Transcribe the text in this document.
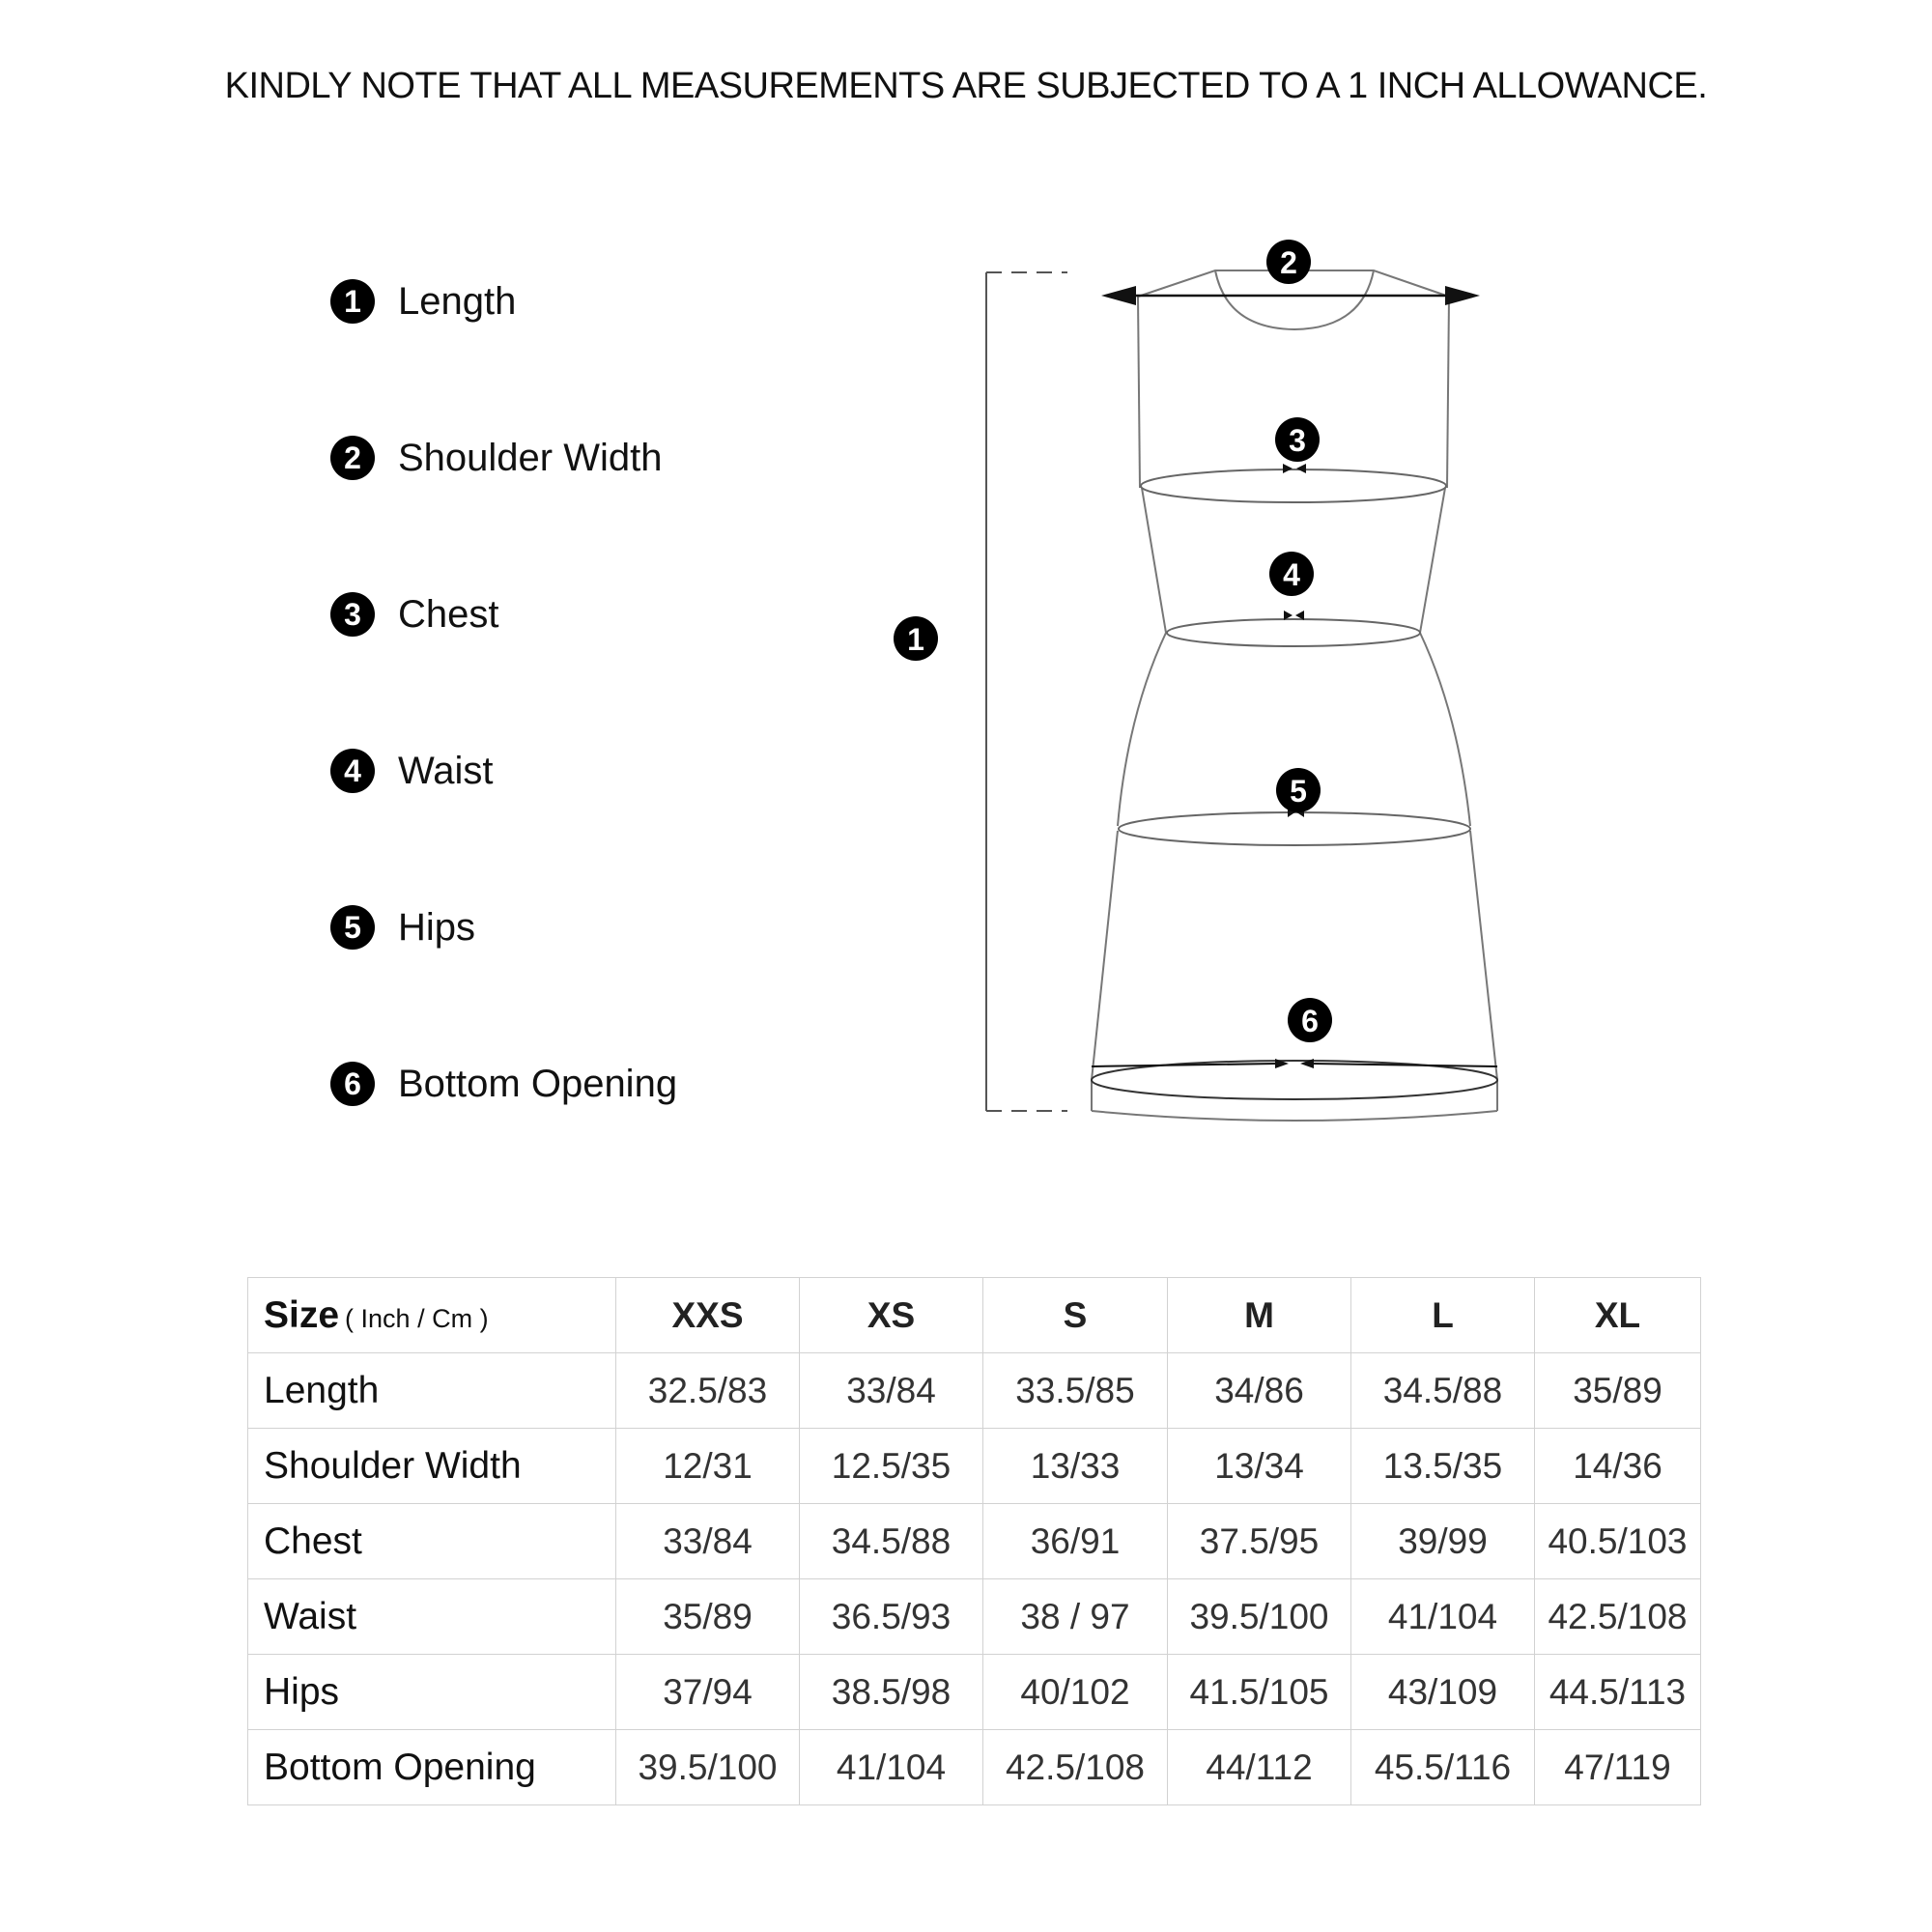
KINDLY NOTE THAT ALL MEASUREMENTS ARE SUBJECTED TO A 1 INCH ALLOWANCE.
1 Length
2 Shoulder Width
3 Chest
4 Waist
5 Hips
6 Bottom Opening
1
2
3
4
5
6
Size ( Inch / Cm )	XXS	XS	S	M	L	XL
Length	32.5/83	33/84	33.5/85	34/86	34.5/88	35/89
Shoulder Width	12/31	12.5/35	13/33	13/34	13.5/35	14/36
Chest	33/84	34.5/88	36/91	37.5/95	39/99	40.5/103
Waist	35/89	36.5/93	38 / 97	39.5/100	41/104	42.5/108
Hips	37/94	38.5/98	40/102	41.5/105	43/109	44.5/113
Bottom Opening	39.5/100	41/104	42.5/108	44/112	45.5/116	47/119
